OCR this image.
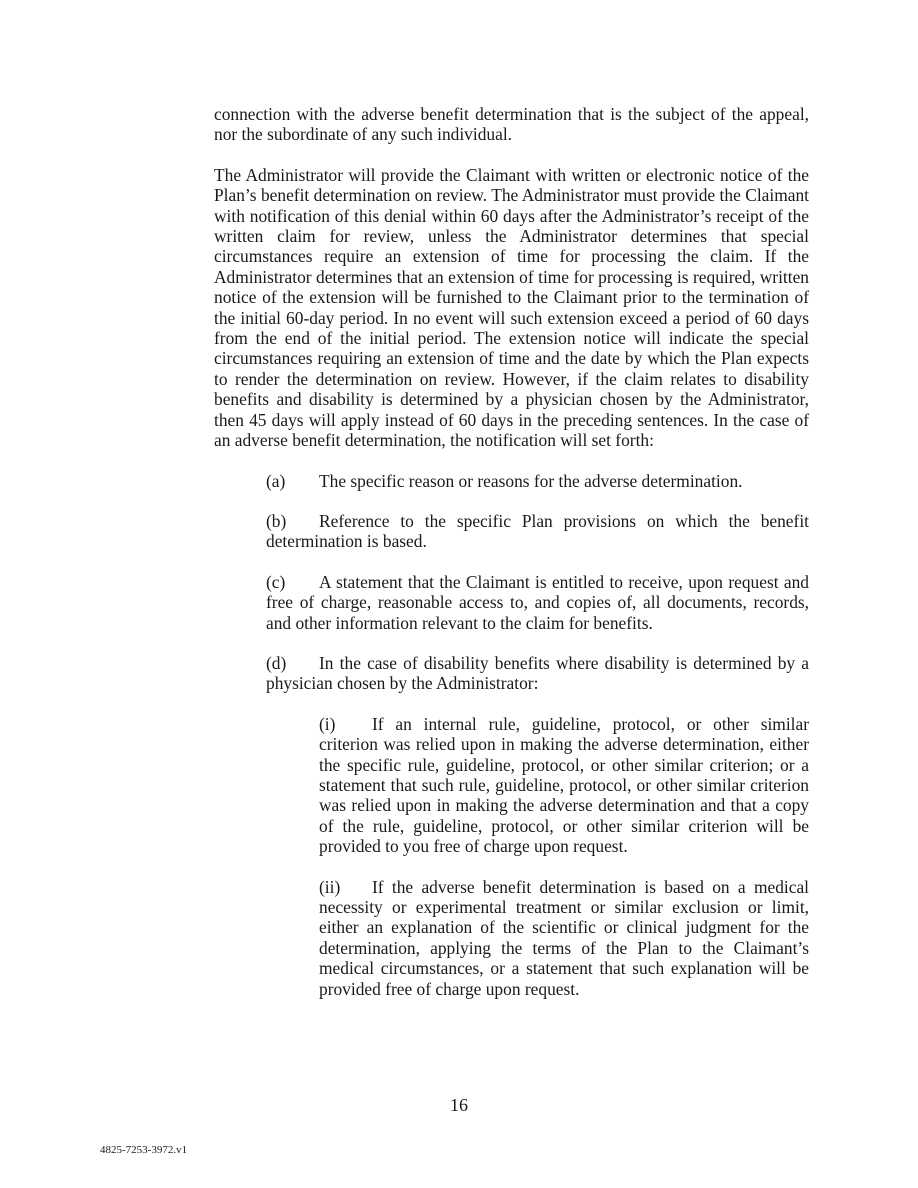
connection with the adverse benefit determination that is the subject of the appeal, nor the subordinate of any such individual.

The Administrator will provide the Claimant with written or electronic notice of the Plan’s benefit determination on review. The Administrator must provide the Claimant with notification of this denial within 60 days after the Administrator’s receipt of the written claim for review, unless the Administrator determines that special circumstances require an extension of time for processing the claim. If the Administrator determines that an extension of time for processing is required, written notice of the extension will be furnished to the Claimant prior to the termination of the initial 60-day period. In no event will such extension exceed a period of 60 days from the end of the initial period. The extension notice will indicate the special circumstances requiring an extension of time and the date by which the Plan expects to render the determination on review. However, if the claim relates to disability benefits and disability is determined by a physician chosen by the Administrator, then 45 days will apply instead of 60 days in the preceding sentences. In the case of an adverse benefit determination, the notification will set forth:

(a) The specific reason or reasons for the adverse determination.
(b) Reference to the specific Plan provisions on which the benefit determination is based.
(c) A statement that the Claimant is entitled to receive, upon request and free of charge, reasonable access to, and copies of, all documents, records, and other information relevant to the claim for benefits.
(d) In the case of disability benefits where disability is determined by a physician chosen by the Administrator:
(i) If an internal rule, guideline, protocol, or other similar criterion was relied upon in making the adverse determination, either the specific rule, guideline, protocol, or other similar criterion; or a statement that such rule, guideline, protocol, or other similar criterion was relied upon in making the adverse determination and that a copy of the rule, guideline, protocol, or other similar criterion will be provided to you free of charge upon request.
(ii) If the adverse benefit determination is based on a medical necessity or experimental treatment or similar exclusion or limit, either an explanation of the scientific or clinical judgment for the determination, applying the terms of the Plan to the Claimant’s medical circumstances, or a statement that such explanation will be provided free of charge upon request.
16
4825-7253-3972.v1
